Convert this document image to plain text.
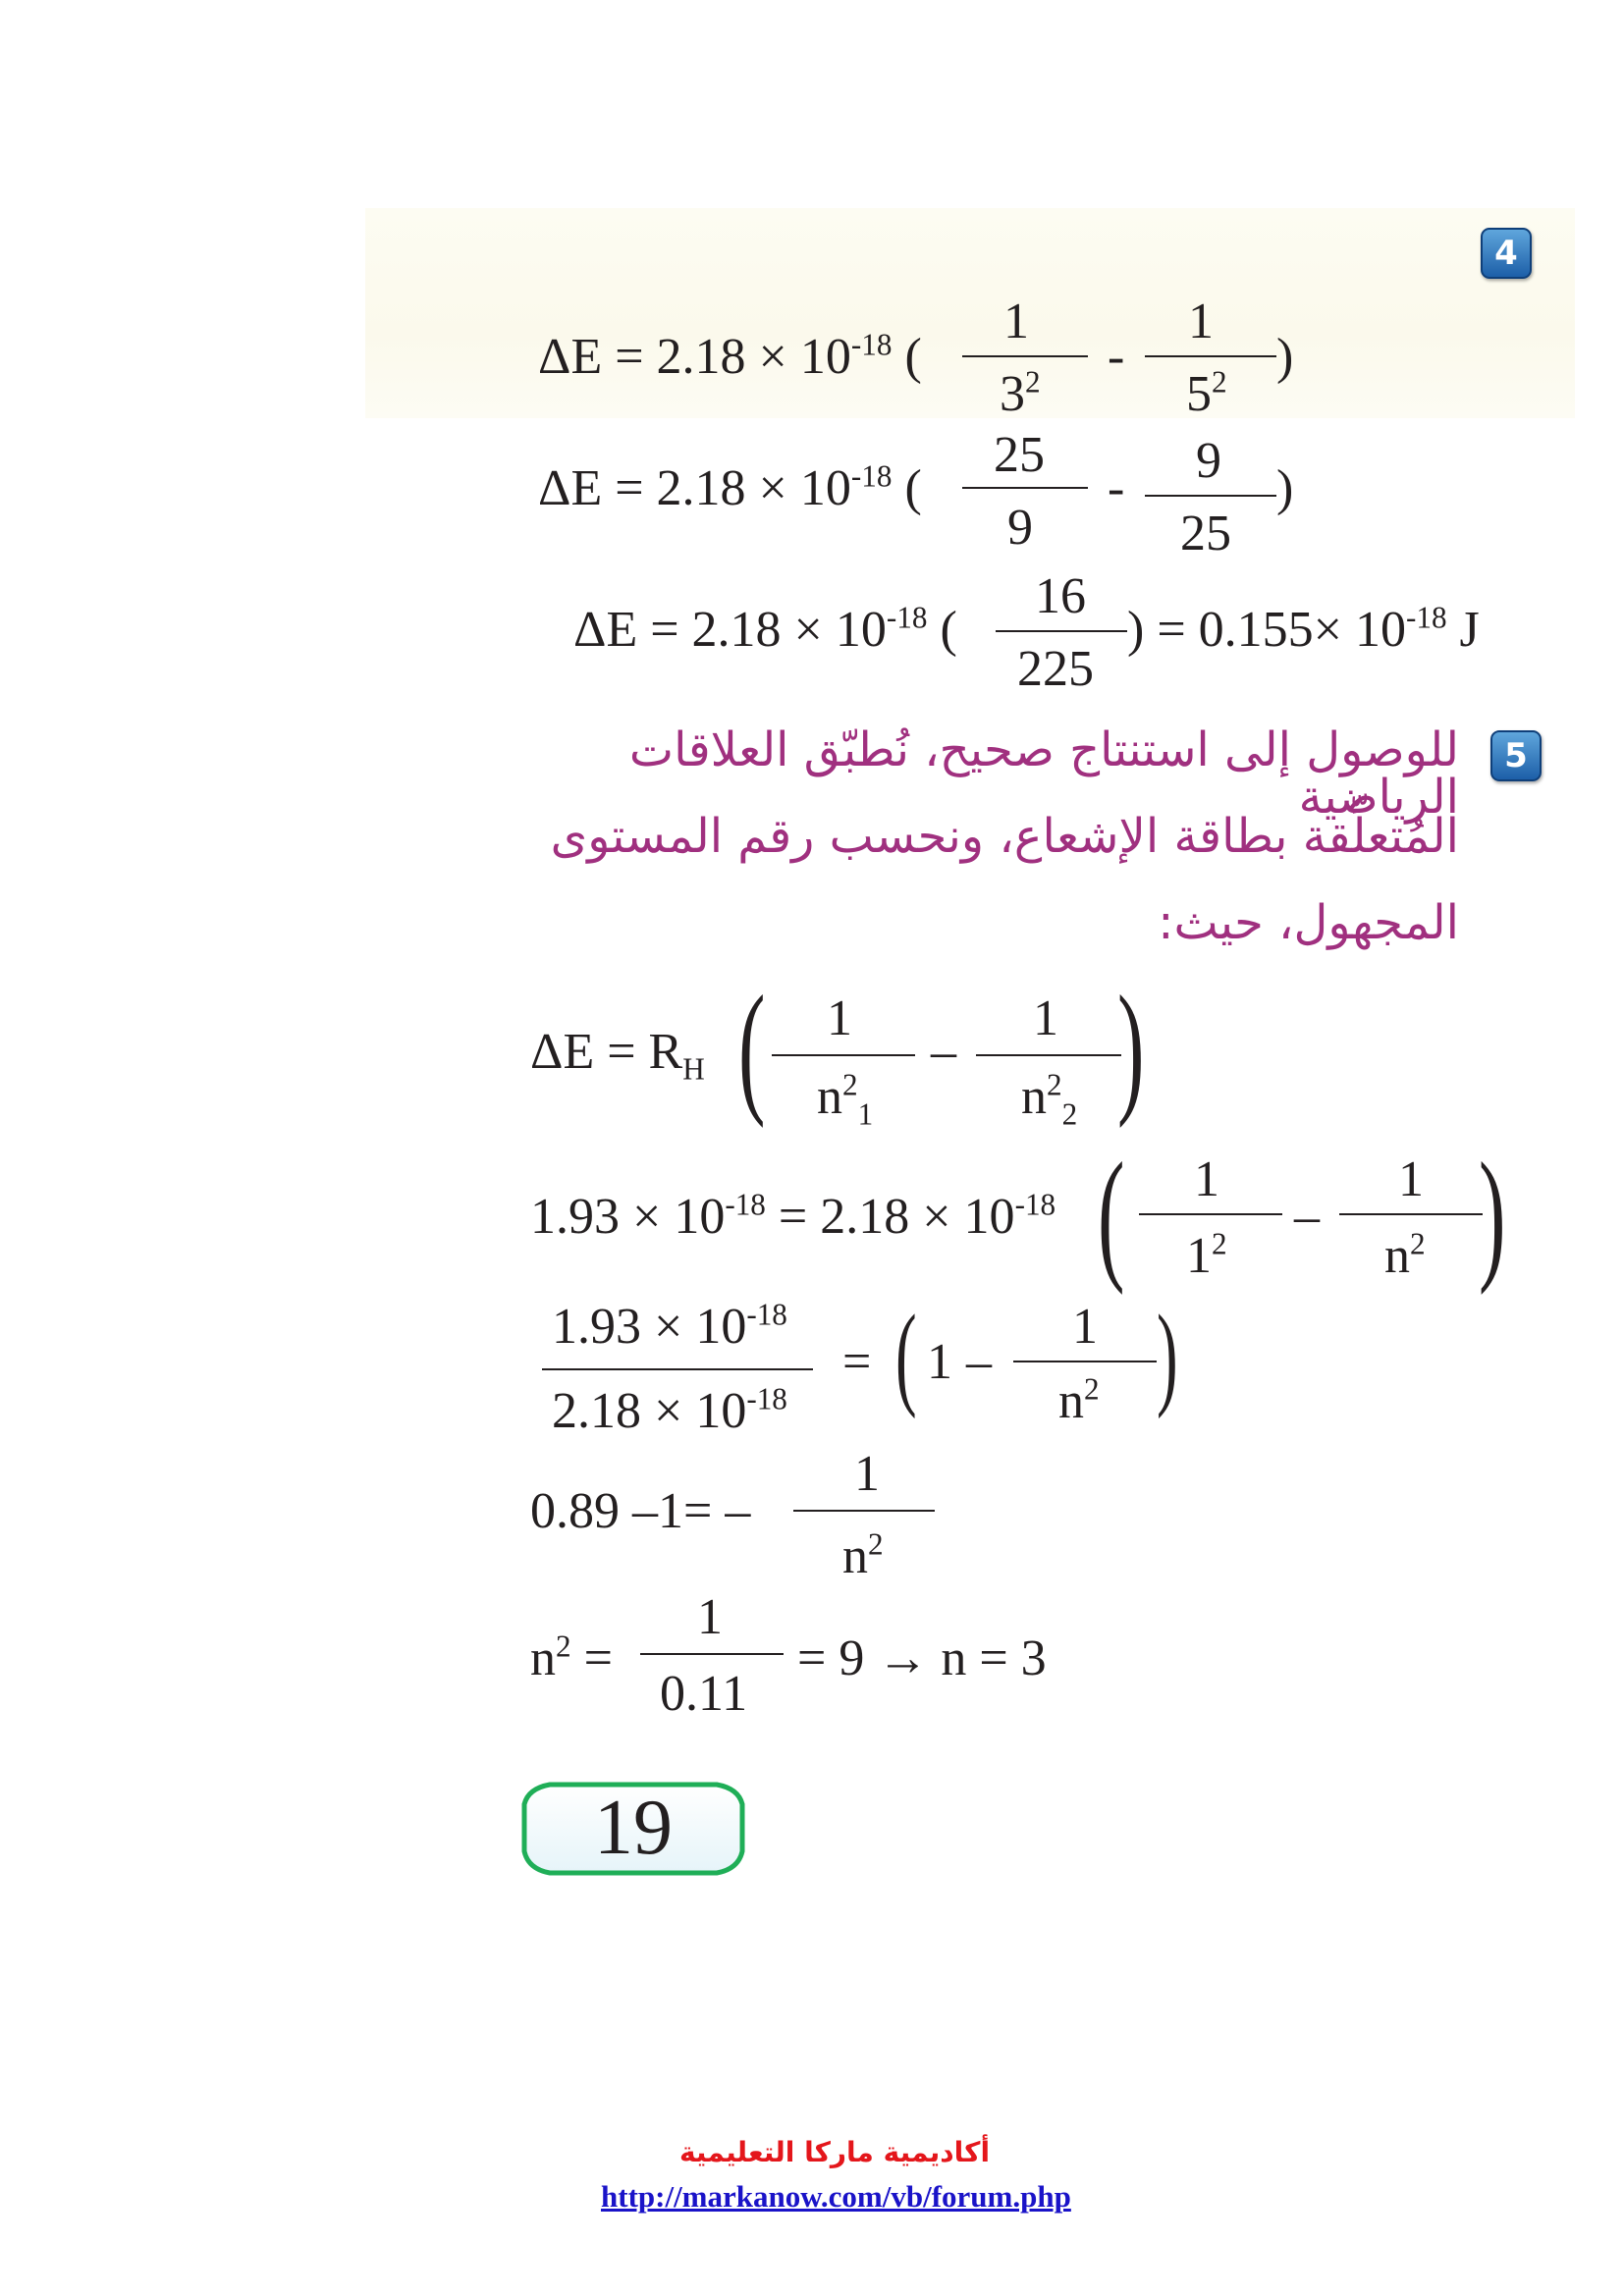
4
$\Delta E = 2.18 \times 10^{-18}$ (
1
$3^2$ -
1
$5^2$ )
$\Delta E = 2.18 \times 10^{-18}$ (
25
9
- 9
25
)
$\Delta E = 2.18 \times 10^{-18}$ (
16
225
) = $0.155\times 10^{-18}$ J
5
للوصول إلى استنتاج صحيح، نُطبّق العلاقات الرياضية
المُتعلِّقة بطاقة الإشعاع، ونحسب رقم المستوى
المجهول، حيث:
$\Delta E = R_H$ ( 1
$n^2_1$
–
1
$n^2_2$ )
$1.93 \times 10^{-18} = 2.18 \times 10^{-18}$ ( 1
$1^2$ –
1
$n^2$ )
$1.93 \times 10^{-18}$
$2.18 \times 10^{-18}$
= ( 1 –
1
$n^2$ )
0.89 –1= –
1
$n^2$
$n^2$ =
1
0.11
= 9 → n = 3
19
أكاديمية ماركا التعليمية
http://markanow.com/vb/forum.php
